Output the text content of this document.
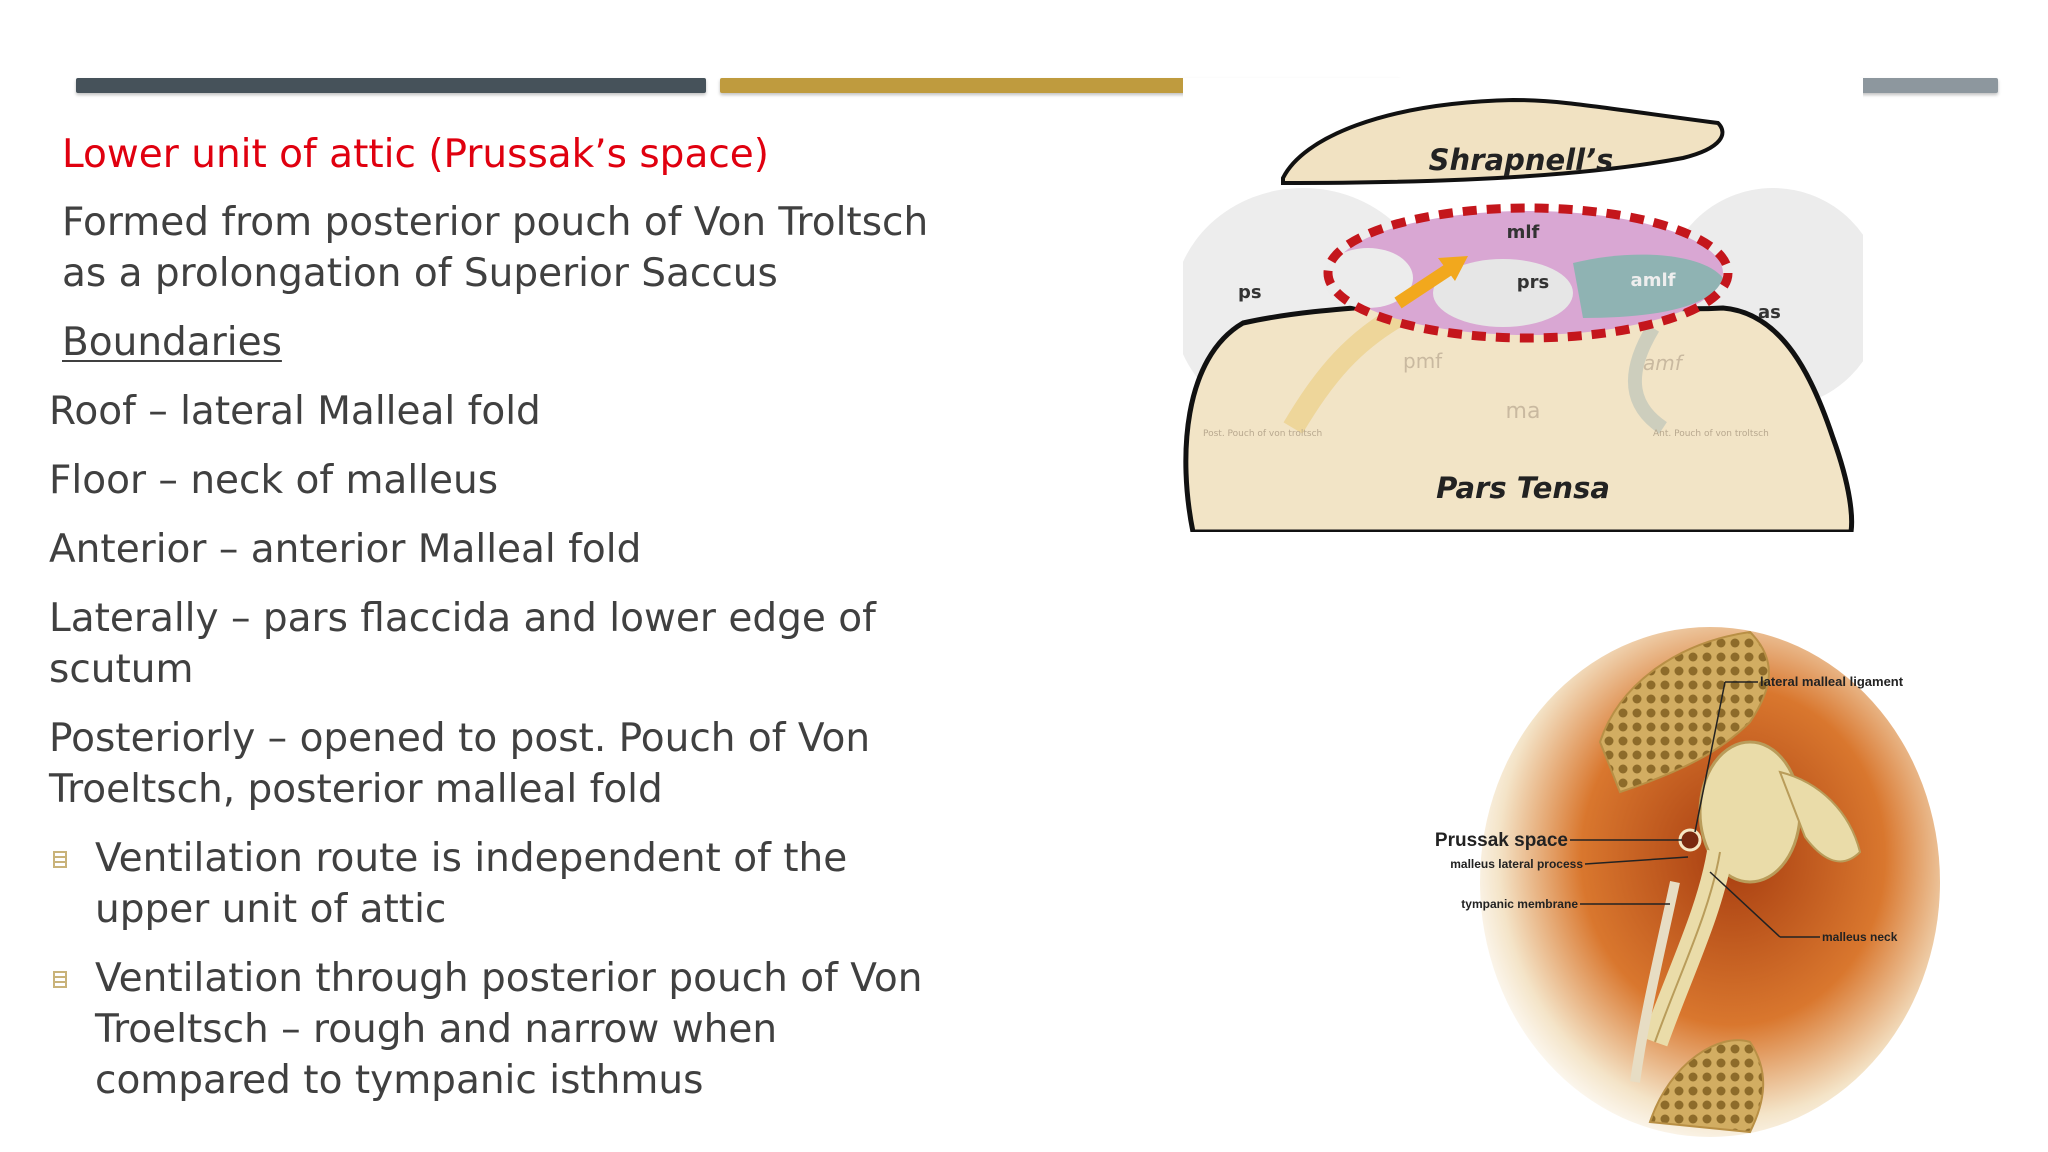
Lower unit of attic (Prussak’s space)
Formed from posterior pouch of Von Troltsch
as a prolongation of Superior Saccus
Boundaries
Roof – lateral Malleal fold
Floor – neck of malleus
Anterior – anterior Malleal fold
Laterally – pars flaccida and lower edge of
scutum
Posteriorly – opened to post. Pouch of Von
Troeltsch, posterior malleal fold
Ventilation route is independent of the
upper unit of attic
Ventilation through posterior pouch of Von
Troeltsch – rough and narrow when
compared to tympanic isthmus
Shrapnell’s
mlf
amlf
prs
ps
as
pmf	amf
ma
Post. Pouch of von troltsch	Ant. Pouch of von troltsch
Pars Tensa
lateral malleal ligament
Prussak space
malleus lateral process
tympanic membrane
malleus neck
